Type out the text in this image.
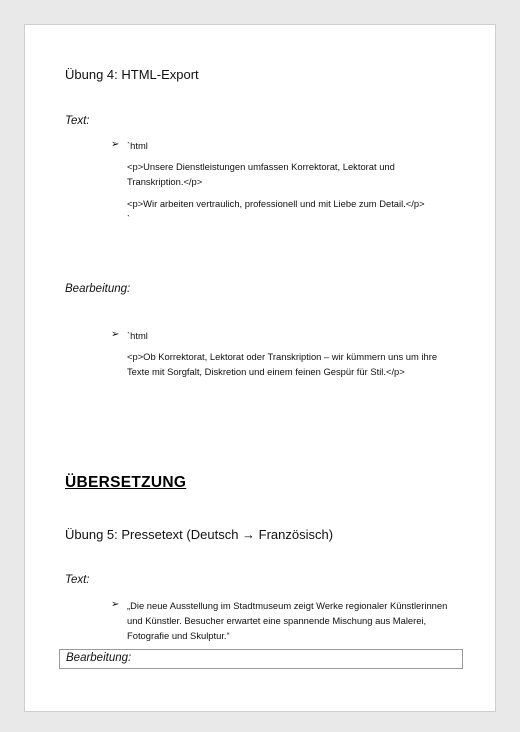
Übung 4: HTML-Export
Text:
➢ `html
<p>Unsere Dienstleistungen umfassen Korrektorat, Lektorat und
Transkription.</p>
<p>Wir arbeiten vertraulich, professionell und mit Liebe zum Detail.</p>
`
Bearbeitung:
➢ `html
<p>Ob Korrektorat, Lektorat oder Transkription – wir kümmern uns um ihre
Texte mit Sorgfalt, Diskretion und einem feinen Gespür für Stil.</p>
ÜBERSETZUNG
Übung 5: Pressetext (Deutsch → Französisch)
Text:
➢ „Die neue Ausstellung im Stadtmuseum zeigt Werke regionaler Künstlerinnen
und Künstler. Besucher erwartet eine spannende Mischung aus Malerei,
Fotografie und Skulptur.“
Bearbeitung:
